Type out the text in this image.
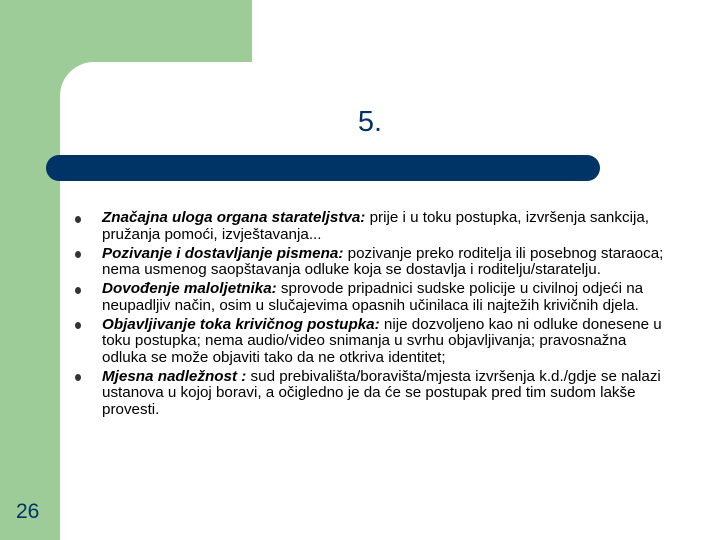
5.
Značajna uloga organa starateljstva: prije i u toku postupka, izvršenja sankcija, pružanja pomoći, izvještavanja...
Pozivanje i dostavljanje pismena: pozivanje preko roditelja ili posebnog staraoca; nema usmenog saopštavanja odluke koja se dostavlja i roditelju/staratelju.
Dovođenje maloljetnika: sprovode pripadnici sudske policije u civilnoj odjeći na neupadljiv način, osim u slučajevima opasnih učinilaca ili najtežih krivičnih djela.
Objavljivanje toka krivičnog postupka: nije dozvoljeno kao ni odluke donesene u toku postupka; nema audio/video snimanja u svrhu objavljivanja; pravosnažna odluka se može objaviti tako da ne otkriva identitet;
Mjesna nadležnost : sud prebivališta/boravišta/mjesta izvršenja k.d./gdje se nalazi ustanova u kojoj boravi, a očigledno je da će se postupak pred tim sudom lakše provesti.
26
